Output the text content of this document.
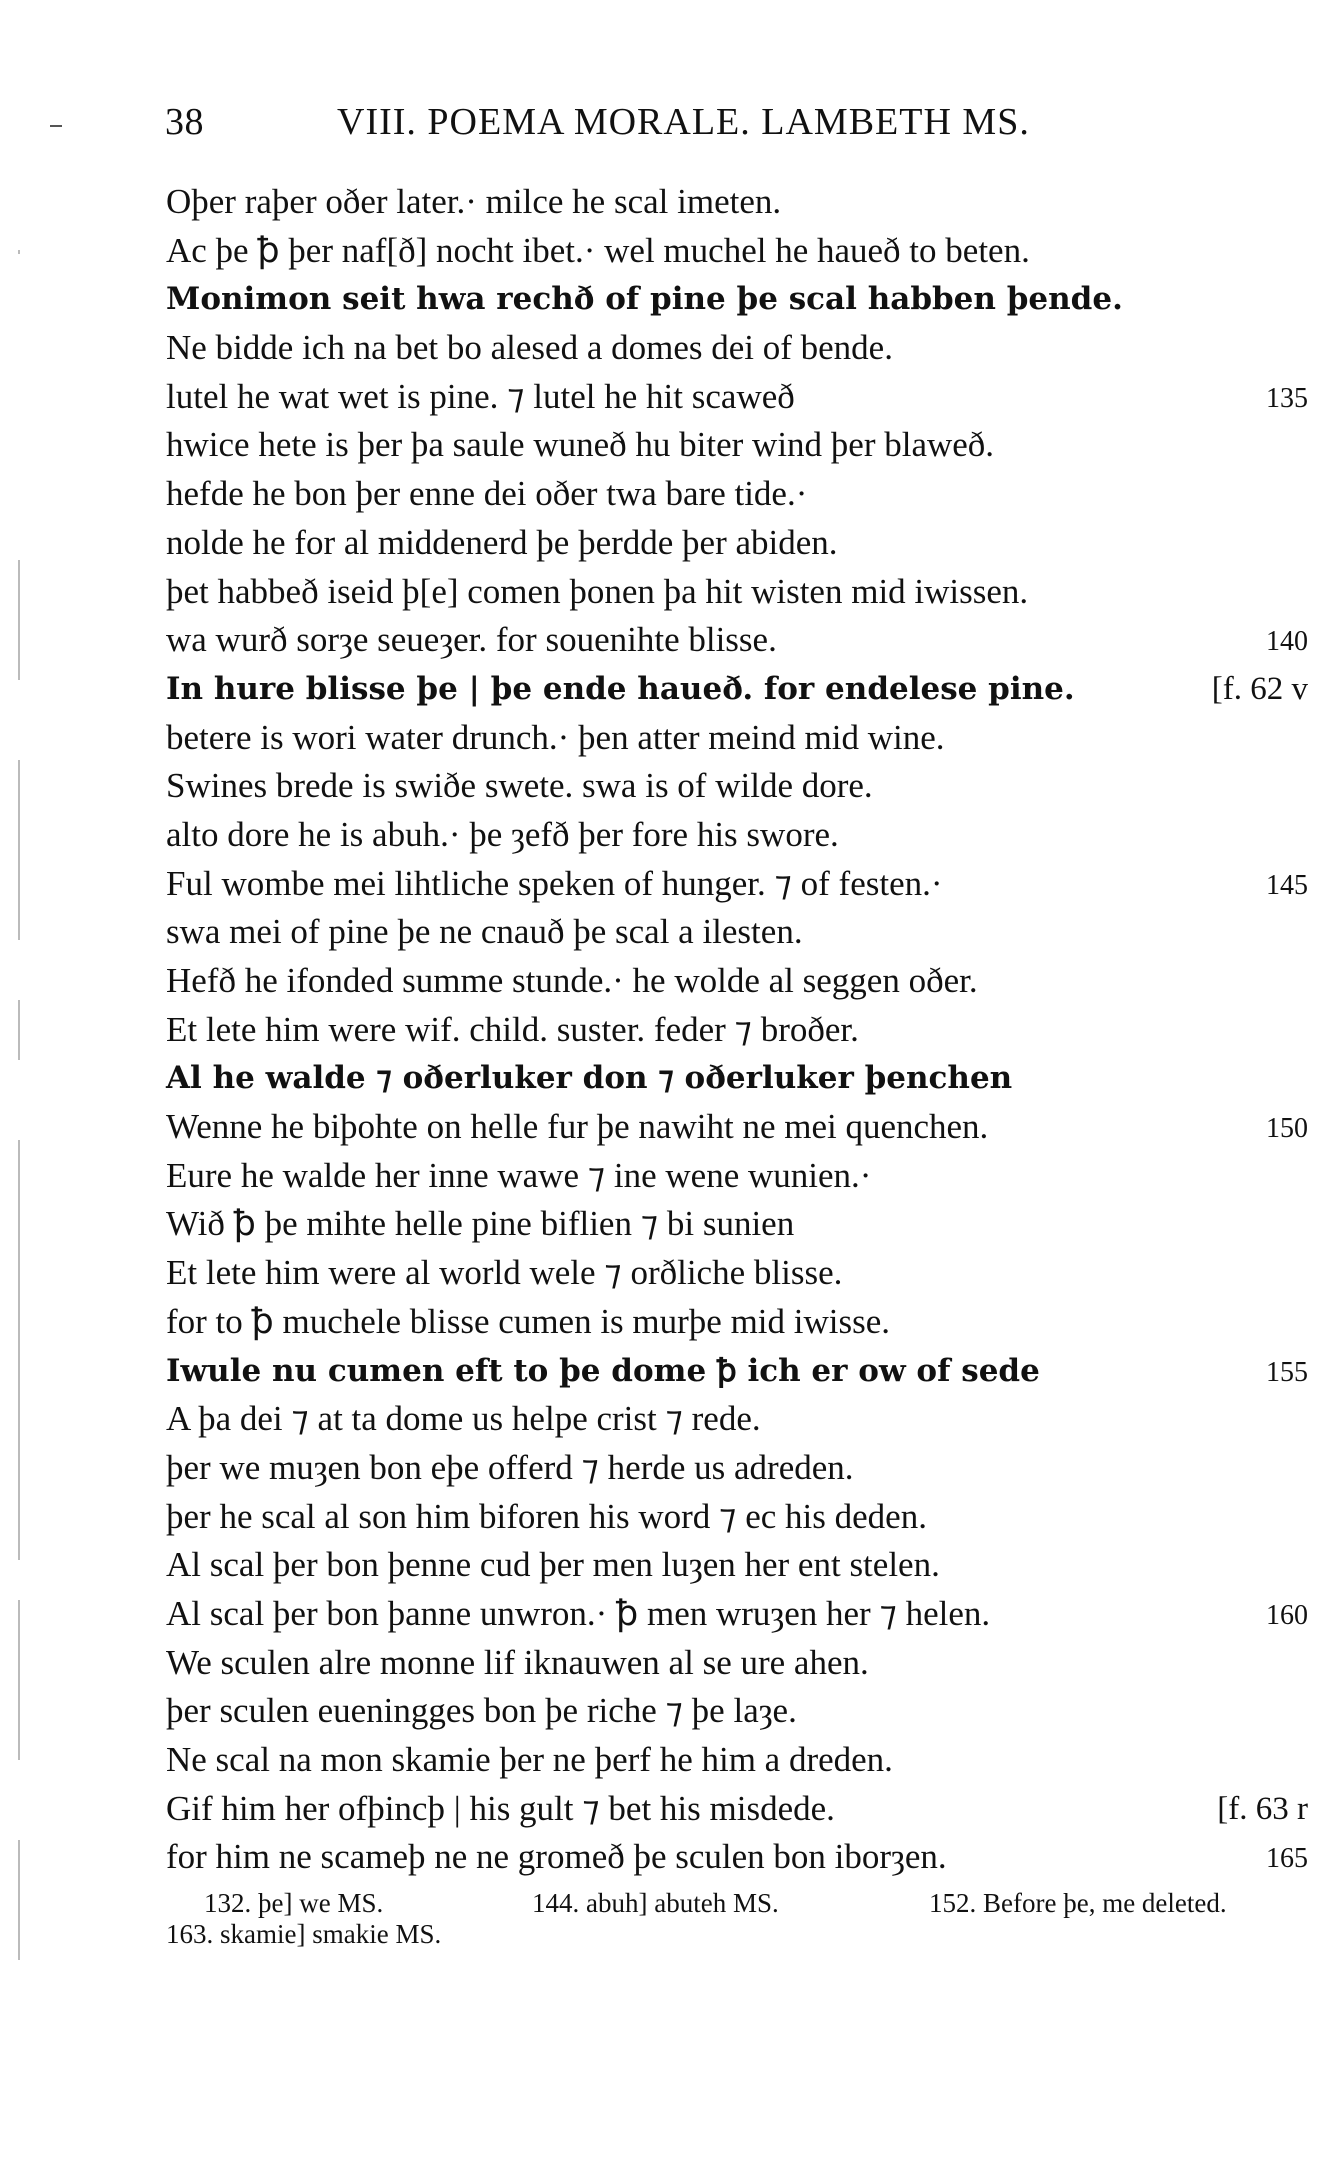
38	VIII. POEMA MORALE. LAMBETH MS.
Oþer raþer oðer later.· milce he scal imeten.
Ac þe ꝥ þer naf[ð] nocht ibet.· wel muchel he haueð to beten.
Monimon seit hwa rechð of pine þe scal habben þende.
Ne bidde ich na bet bo alesed a domes dei of bende.
lutel he wat wet is pine. ⁊ lutel he hit scaweð	135
hwice hete is þer þa saule wuneð hu biter wind þer blaweð.
hefde he bon þer enne dei oðer twa bare tide.·
nolde he for al middenerd þe þerdde þer abiden.
þet habbeð iseid þ[e] comen þonen þa hit wisten mid iwissen.
wa wurð sorȝe seueȝer. for souenihte blisse.	140
In hure blisse þe | þe ende haueð. for endelese pine.	[f. 62 v
betere is wori water drunch.· þen atter meind mid wine.
Swines brede is swiðe swete. swa is of wilde dore.
alto dore he is abuh.· þe ȝefð þer fore his swore.
Ful wombe mei lihtliche speken of hunger. ⁊ of festen.·	145
swa mei of pine þe ne cnauð þe scal a ilesten.
Hefð he ifonded summe stunde.· he wolde al seggen oðer.
Et lete him were wif. child. suster. feder ⁊ broðer.
Al he walde ⁊ oðerluker don ⁊ oðerluker þenchen
Wenne he biþohte on helle fur þe nawiht ne mei quenchen.	150
Eure he walde her inne wawe ⁊ ine wene wunien.·
Wið ꝥ þe mihte helle pine biflien ⁊ bi sunien
Et lete him were al world wele ⁊ orðliche blisse.
for to ꝥ muchele blisse cumen is murþe mid iwisse.
Iwule nu cumen eft to þe dome ꝥ ich er ow of sede	155
A þa dei ⁊ at ta dome us helpe crist ⁊ rede.
þer we muȝen bon eþe offerd ⁊ herde us adreden.
þer he scal al son him biforen his word ⁊ ec his deden.
Al scal þer bon þenne cud þer men luȝen her ent stelen.
Al scal þer bon þanne unwron.· ꝥ men wruȝen her ⁊ helen.	160
We sculen alre monne lif iknauwen al se ure ahen.
þer sculen eueningges bon þe riche ⁊ þe laȝe.
Ne scal na mon skamie þer ne þerf he him a dreden.
Gif him her ofþincþ | his gult ⁊ bet his misdede.	[f. 63 r
for him ne scameþ ne ne gromeð þe sculen bon iborȝen.	165
132. þe] we MS.	144. abuh] abuteh MS.	152. Before þe, me deleted.
163. skamie] smakie MS.
